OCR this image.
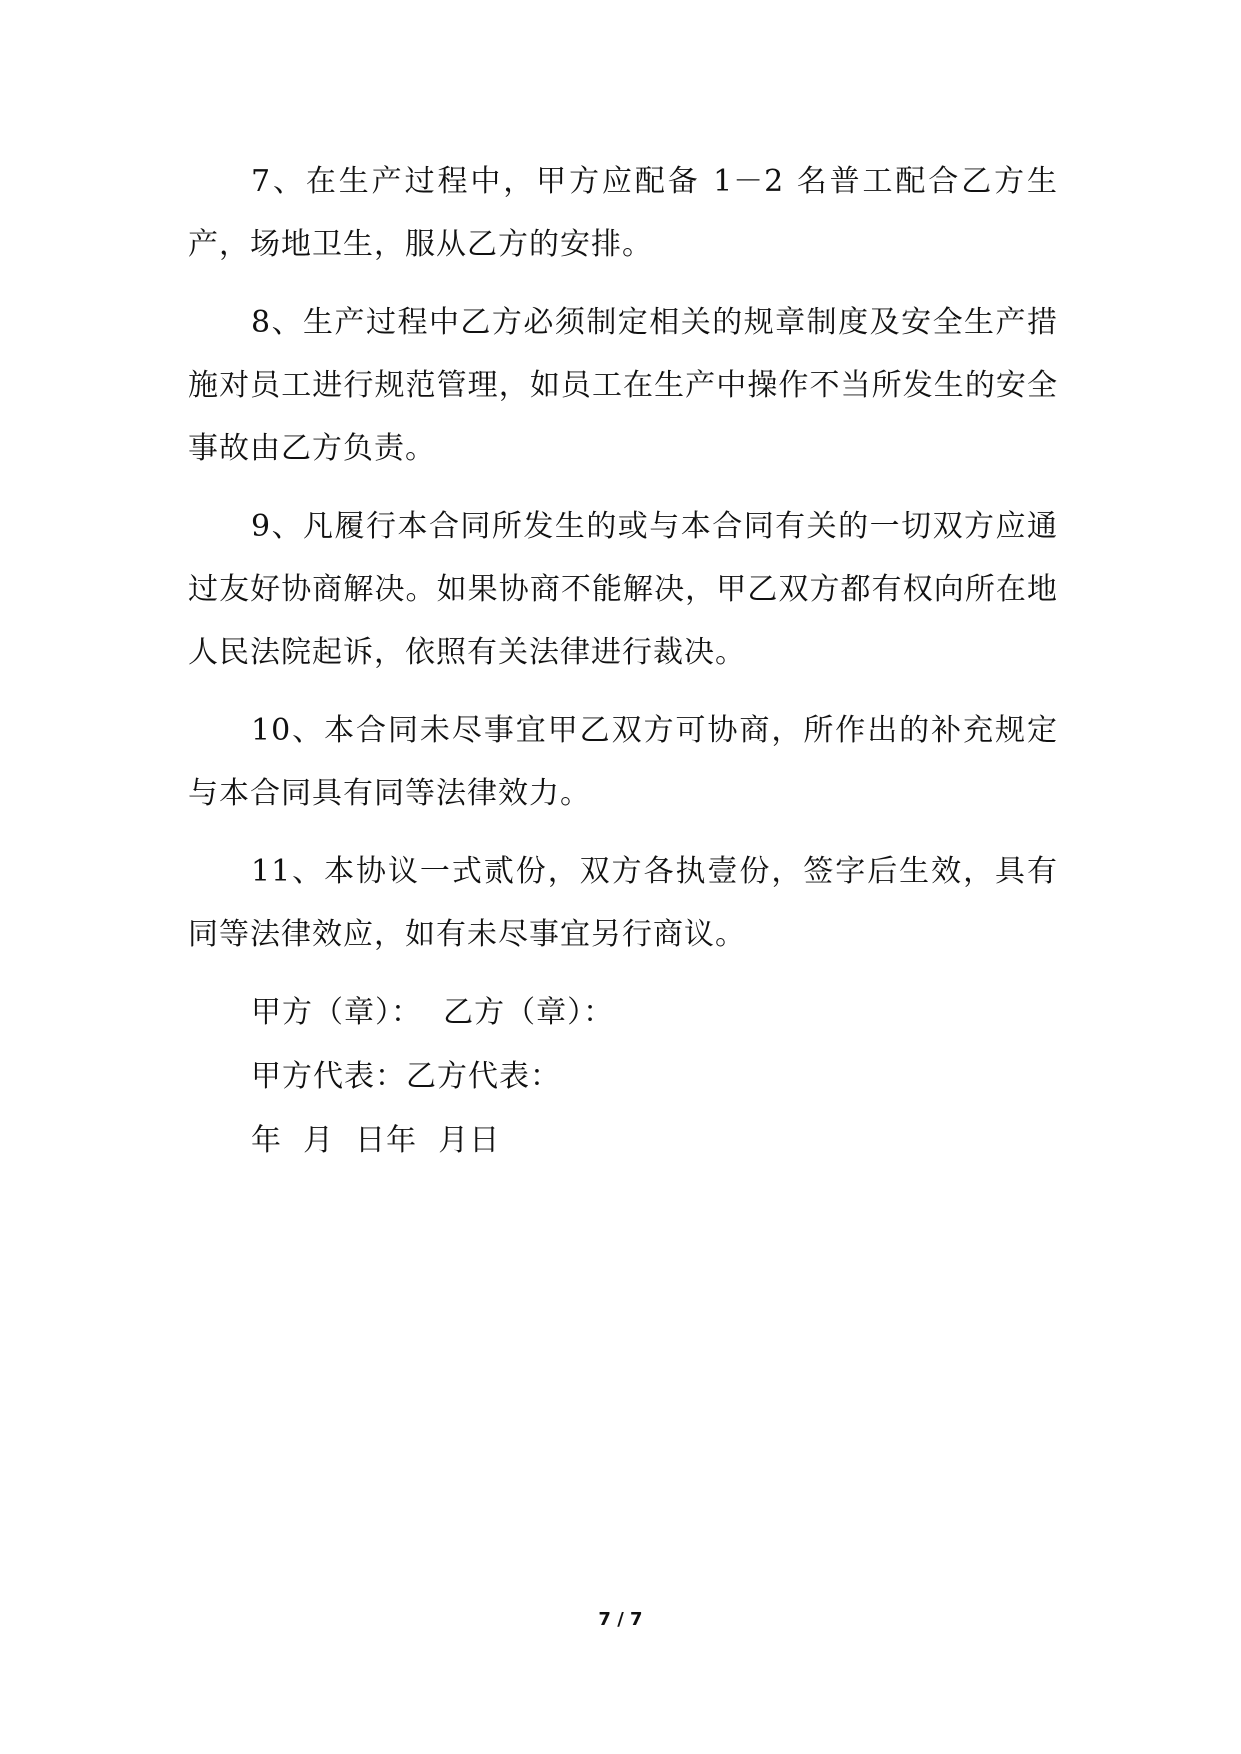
7、在生产过程中，甲方应配备 1－2 名普工配合乙方生产，场地卫生，服从乙方的安排。

8、生产过程中乙方必须制定相关的规章制度及安全生产措施对员工进行规范管理，如员工在生产中操作不当所发生的安全事故由乙方负责。

9、凡履行本合同所发生的或与本合同有关的一切双方应通过友好协商解决。如果协商不能解决，甲乙双方都有权向所在地人民法院起诉，依照有关法律进行裁决。

10、本合同未尽事宜甲乙双方可协商，所作出的补充规定与本合同具有同等法律效力。

11、本协议一式贰份，双方各执壹份，签字后生效，具有同等法律效应，如有未尽事宜另行商议。

甲方（章）：  乙方（章）：

甲方代表：乙方代表：

年  月  日年  月日

7 / 7
